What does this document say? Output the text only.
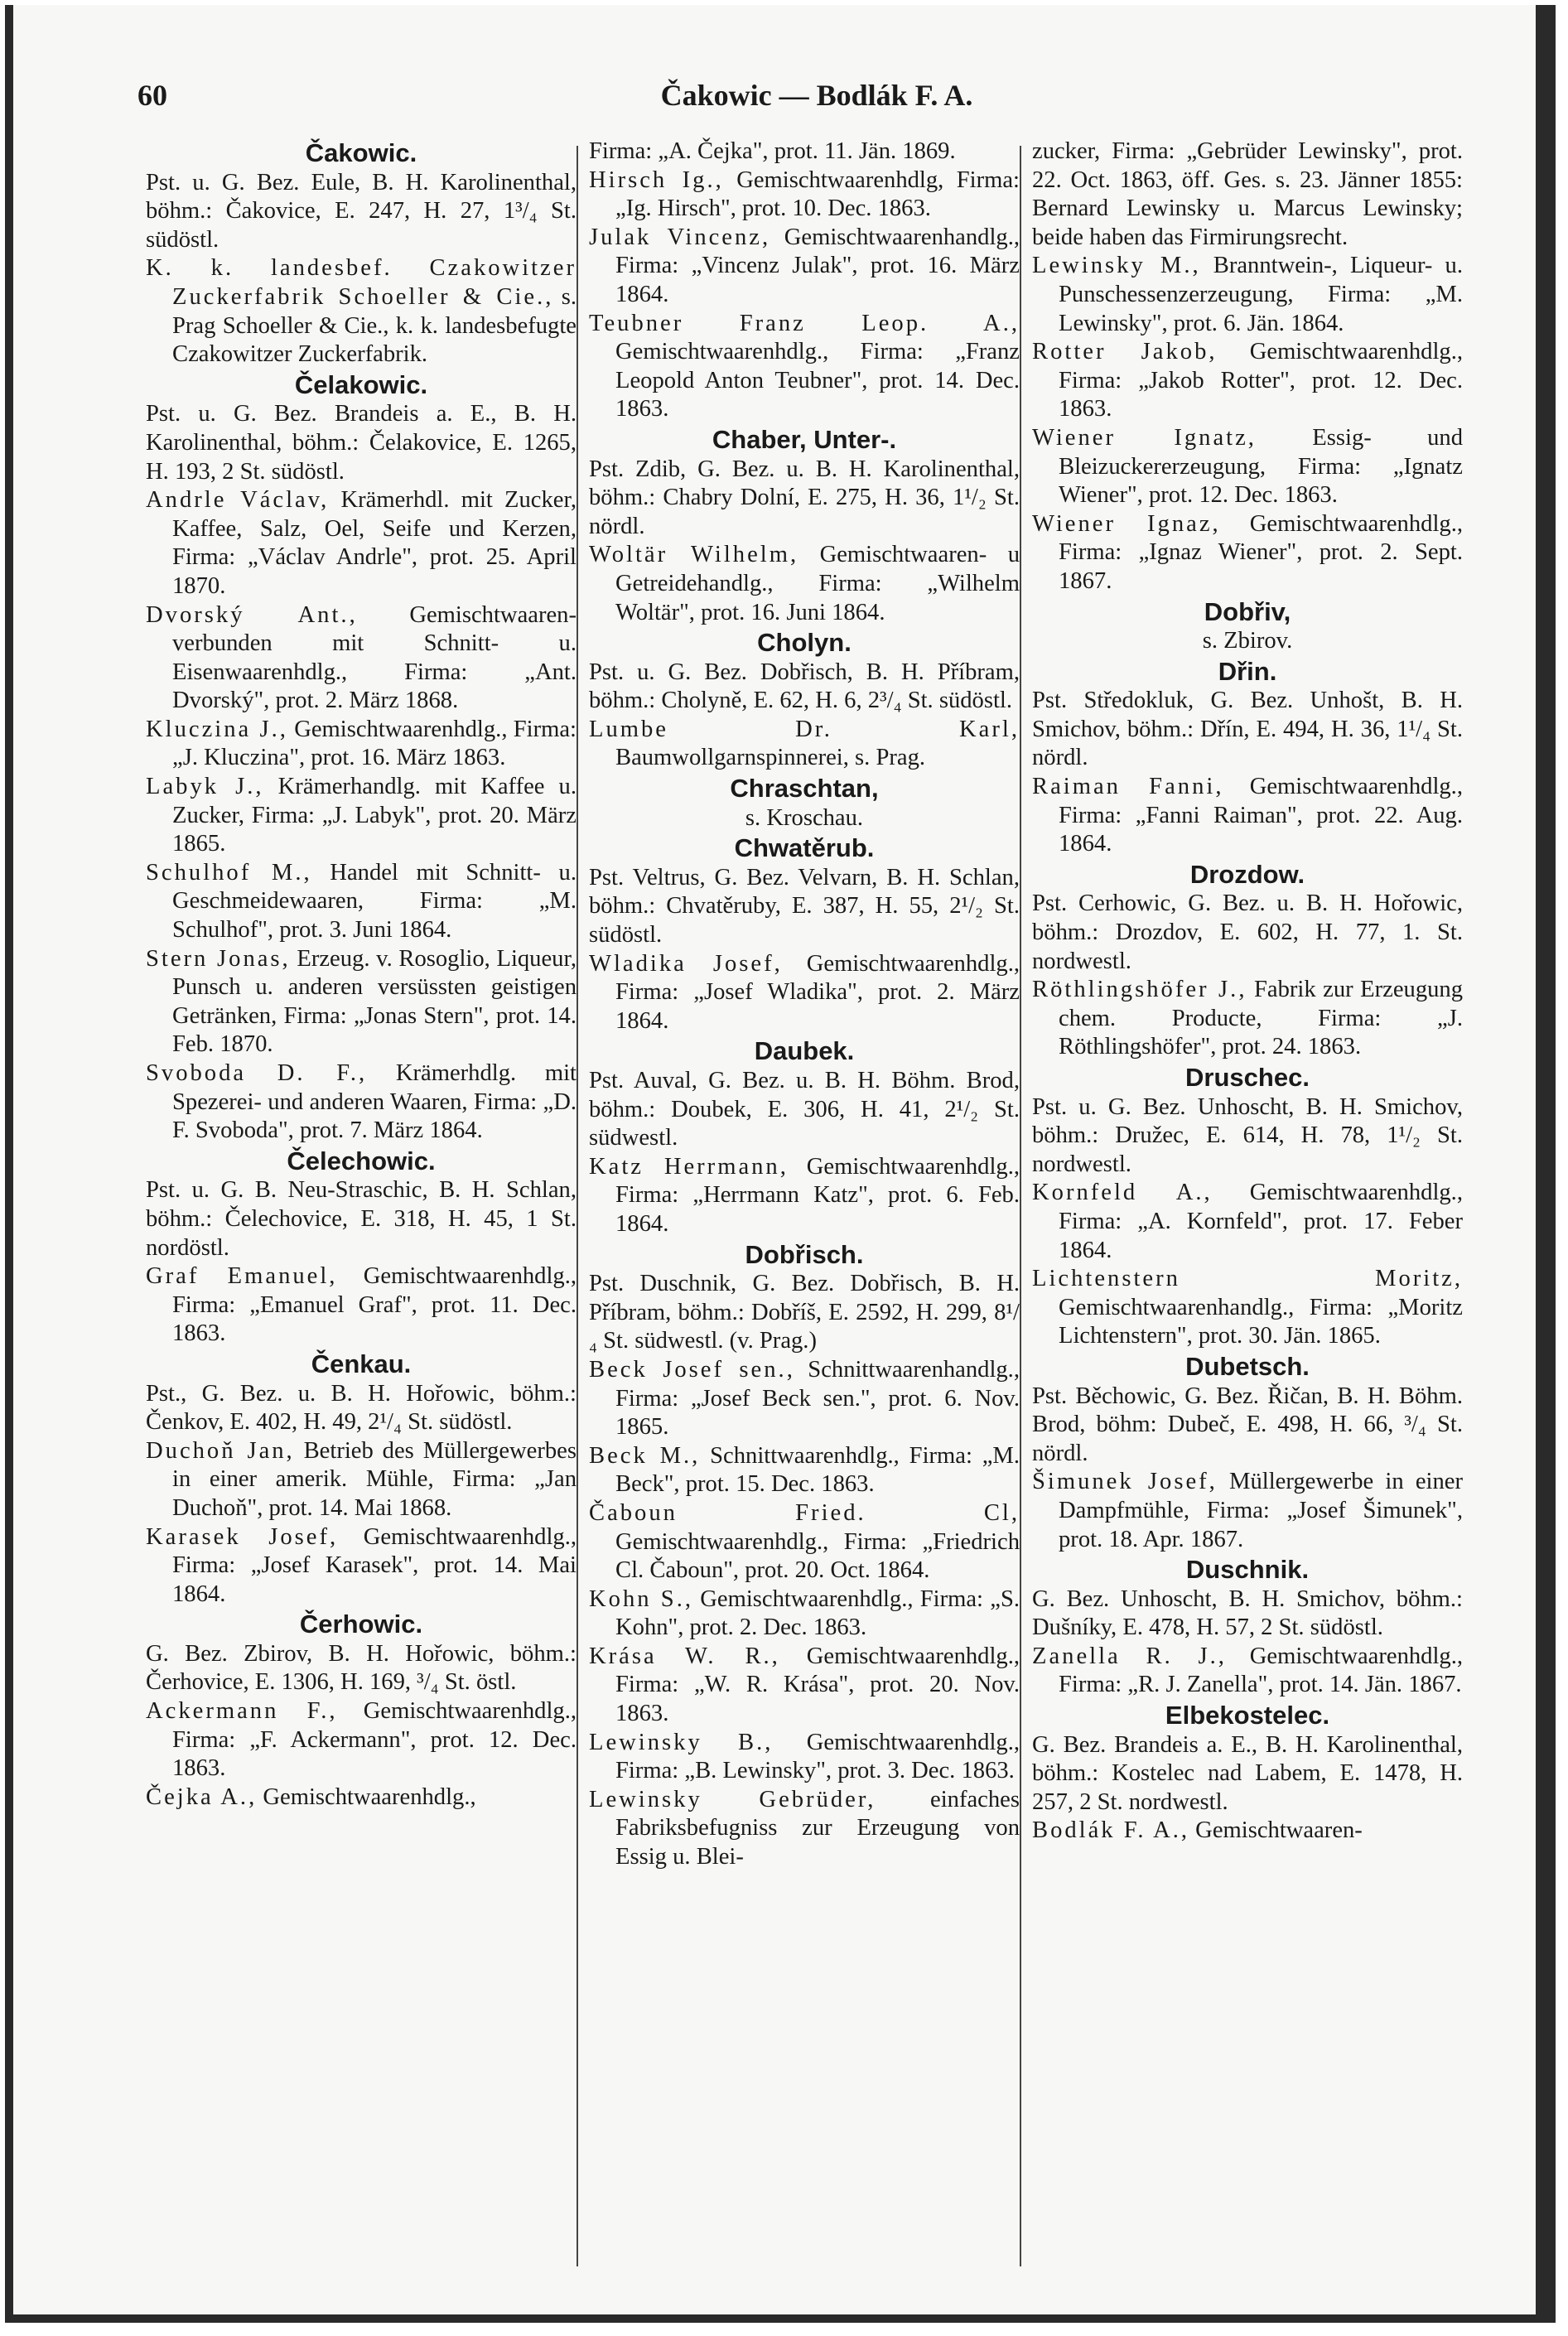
60	Čakowic — Bodlák F. A.
Čakowic.
Pst. u. G. Bez. Eule, B. H. Karolinenthal, böhm.: Čakovice, E. 247, H. 27, 1³/₄ St. südöstl.
K. k. landesbef. Czakowitzer Zuckerfabrik Schoeller & Cie., s. Prag Schoeller & Cie., k. k. landesbefugte Czakowitzer Zuckerfabrik.
Čelakowic.
Pst. u. G. Bez. Brandeis a. E., B. H. Karolinenthal, böhm.: Čelakovice, E. 1265, H. 193, 2 St. südöstl.
Andrle Václav, Krämerhdl. mit Zucker, Kaffee, Salz, Oel, Seife und Kerzen, Firma: „Václav Andrle", prot. 25. April 1870.
Dvorský Ant., Gemischtwaaren- verbunden mit Schnitt- u. Eisenwaarenhdlg., Firma: „Ant. Dvorský", prot. 2. März 1868.
Kluczina J., Gemischtwaarenhdlg., Firma: „J. Kluczina", prot. 16. März 1863.
Labyk J., Krämerhandlg. mit Kaffee u. Zucker, Firma: „J. Labyk", prot. 20. März 1865.
Schulhof M., Handel mit Schnitt- u. Geschmeidewaaren, Firma: „M. Schulhof", prot. 3. Juni 1864.
Stern Jonas, Erzeug. v. Rosoglio, Liqueur, Punsch u. anderen versüssten geistigen Getränken, Firma: „Jonas Stern", prot. 14. Feb. 1870.
Svoboda D. F., Krämerhdlg. mit Spezerei- und anderen Waaren, Firma: „D. F. Svoboda", prot. 7. März 1864.
Čelechowic.
Pst. u. G. B. Neu-Straschic, B. H. Schlan, böhm.: Čelechovice, E. 318, H. 45, 1 St. nordöstl.
Graf Emanuel, Gemischtwaarenhdlg., Firma: „Emanuel Graf", prot. 11. Dec. 1863.
Čenkau.
Pst., G. Bez. u. B. H. Hořowic, böhm.: Čenkov, E. 402, H. 49, 2¹/₄ St. südöstl.
Duchoň Jan, Betrieb des Müllergewerbes in einer amerik. Mühle, Firma: „Jan Duchoň", prot. 14. Mai 1868.
Karasek Josef, Gemischtwaarenhdlg., Firma: „Josef Karasek", prot. 14. Mai 1864.
Čerhowic.
G. Bez. Zbirov, B. H. Hořowic, böhm.: Čerhovice, E. 1306, H. 169, ³/₄ St. östl.
Ackermann F., Gemischtwaarenhdlg., Firma: „F. Ackermann", prot. 12. Dec. 1863.
Čejka A., Gemischtwaarenhdlg.,
Firma: „A. Čejka", prot. 11. Jän. 1869.
Hirsch Ig., Gemischtwaarenhdlg, Firma: „Ig. Hirsch", prot. 10. Dec. 1863.
Julak Vincenz, Gemischtwaarenhandlg., Firma: „Vincenz Julak", prot. 16. März 1864.
Teubner Franz Leop. A., Gemischtwaarenhdlg., Firma: „Franz Leopold Anton Teubner", prot. 14. Dec. 1863.
Chaber, Unter-.
Pst. Zdib, G. Bez. u. B. H. Karolinenthal, böhm.: Chabry Dolní, E. 275, H. 36, 1¹/₂ St. nördl.
Woltär Wilhelm, Gemischtwaaren- u Getreidehandlg., Firma: „Wilhelm Woltär", prot. 16. Juni 1864.
Cholyn.
Pst. u. G. Bez. Dobřisch, B. H. Příbram, böhm.: Cholyně, E. 62, H. 6, 2³/₄ St. südöstl.
Lumbe Dr. Karl, Baumwollgarnspinnerei, s. Prag.
Chraschtan,
s. Kroschau.
Chwatěrub.
Pst. Veltrus, G. Bez. Velvarn, B. H. Schlan, böhm.: Chvatěruby, E. 387, H. 55, 2¹/₂ St. südöstl.
Wladika Josef, Gemischtwaarenhdlg., Firma: „Josef Wladika", prot. 2. März 1864.
Daubek.
Pst. Auval, G. Bez. u. B. H. Böhm. Brod, böhm.: Doubek, E. 306, H. 41, 2¹/₂ St. südwestl.
Katz Herrmann, Gemischtwaarenhdlg., Firma: „Herrmann Katz", prot. 6. Feb. 1864.
Dobřisch.
Pst. Duschnik, G. Bez. Dobřisch, B. H. Příbram, böhm.: Dobříš, E. 2592, H. 299, 8¹/₄ St. südwestl. (v. Prag.)
Beck Josef sen., Schnittwaarenhandlg., Firma: „Josef Beck sen.", prot. 6. Nov. 1865.
Beck M., Schnittwaarenhdlg., Firma: „M. Beck", prot. 15. Dec. 1863.
Čaboun Fried. Cl, Gemischtwaarenhdlg., Firma: „Friedrich Cl. Čaboun", prot. 20. Oct. 1864.
Kohn S., Gemischtwaarenhdlg., Firma: „S. Kohn", prot. 2. Dec. 1863.
Krása W. R., Gemischtwaarenhdlg., Firma: „W. R. Krása", prot. 20. Nov. 1863.
Lewinsky B., Gemischtwaarenhdlg., Firma: „B. Lewinsky", prot. 3. Dec. 1863.
Lewinsky Gebrüder, einfaches Fabriksbefugniss zur Erzeugung von Essig u. Blei-
zucker, Firma: „Gebrüder Lewinsky", prot. 22. Oct. 1863, öff. Ges. s. 23. Jänner 1855: Bernard Lewinsky u. Marcus Lewinsky; beide haben das Firmirungsrecht.
Lewinsky M., Branntwein-, Liqueur- u. Punschessenzerzeugung, Firma: „M. Lewinsky", prot. 6. Jän. 1864.
Rotter Jakob, Gemischtwaarenhdlg., Firma: „Jakob Rotter", prot. 12. Dec. 1863.
Wiener Ignatz, Essig- und Bleizuckererzeugung, Firma: „Ignatz Wiener", prot. 12. Dec. 1863.
Wiener Ignaz, Gemischtwaarenhdlg., Firma: „Ignaz Wiener", prot. 2. Sept. 1867.
Dobřiv,
s. Zbirov.
Dřin.
Pst. Středokluk, G. Bez. Unhošt, B. H. Smichov, böhm.: Dřín, E. 494, H. 36, 1¹/₄ St. nördl.
Raiman Fanni, Gemischtwaarenhdlg., Firma: „Fanni Raiman", prot. 22. Aug. 1864.
Drozdow.
Pst. Cerhowic, G. Bez. u. B. H. Hořowic, böhm.: Drozdov, E. 602, H. 77, 1. St. nordwestl.
Röthlingshöfer J., Fabrik zur Erzeugung chem. Producte, Firma: „J. Röthlingshöfer", prot. 24. 1863.
Druschec.
Pst. u. G. Bez. Unhoscht, B. H. Smichov, böhm.: Družec, E. 614, H. 78, 1¹/₂ St. nordwestl.
Kornfeld A., Gemischtwaarenhdlg., Firma: „A. Kornfeld", prot. 17. Feber 1864.
Lichtenstern Moritz, Gemischtwaarenhandlg., Firma: „Moritz Lichtenstern", prot. 30. Jän. 1865.
Dubetsch.
Pst. Běchowic, G. Bez. Řičan, B. H. Böhm. Brod, böhm: Dubeč, E. 498, H. 66, ³/₄ St. nördl.
Šimunek Josef, Müllergewerbe in einer Dampfmühle, Firma: „Josef Šimunek", prot. 18. Apr. 1867.
Duschnik.
G. Bez. Unhoscht, B. H. Smichov, böhm.: Dušníky, E. 478, H. 57, 2 St. südöstl.
Zanella R. J., Gemischtwaarenhdlg., Firma: „R. J. Zanella", prot. 14. Jän. 1867.
Elbekostelec.
G. Bez. Brandeis a. E., B. H. Karolinenthal, böhm.: Kostelec nad Labem, E. 1478, H. 257, 2 St. nordwestl.
Bodlák F. A., Gemischtwaaren-
